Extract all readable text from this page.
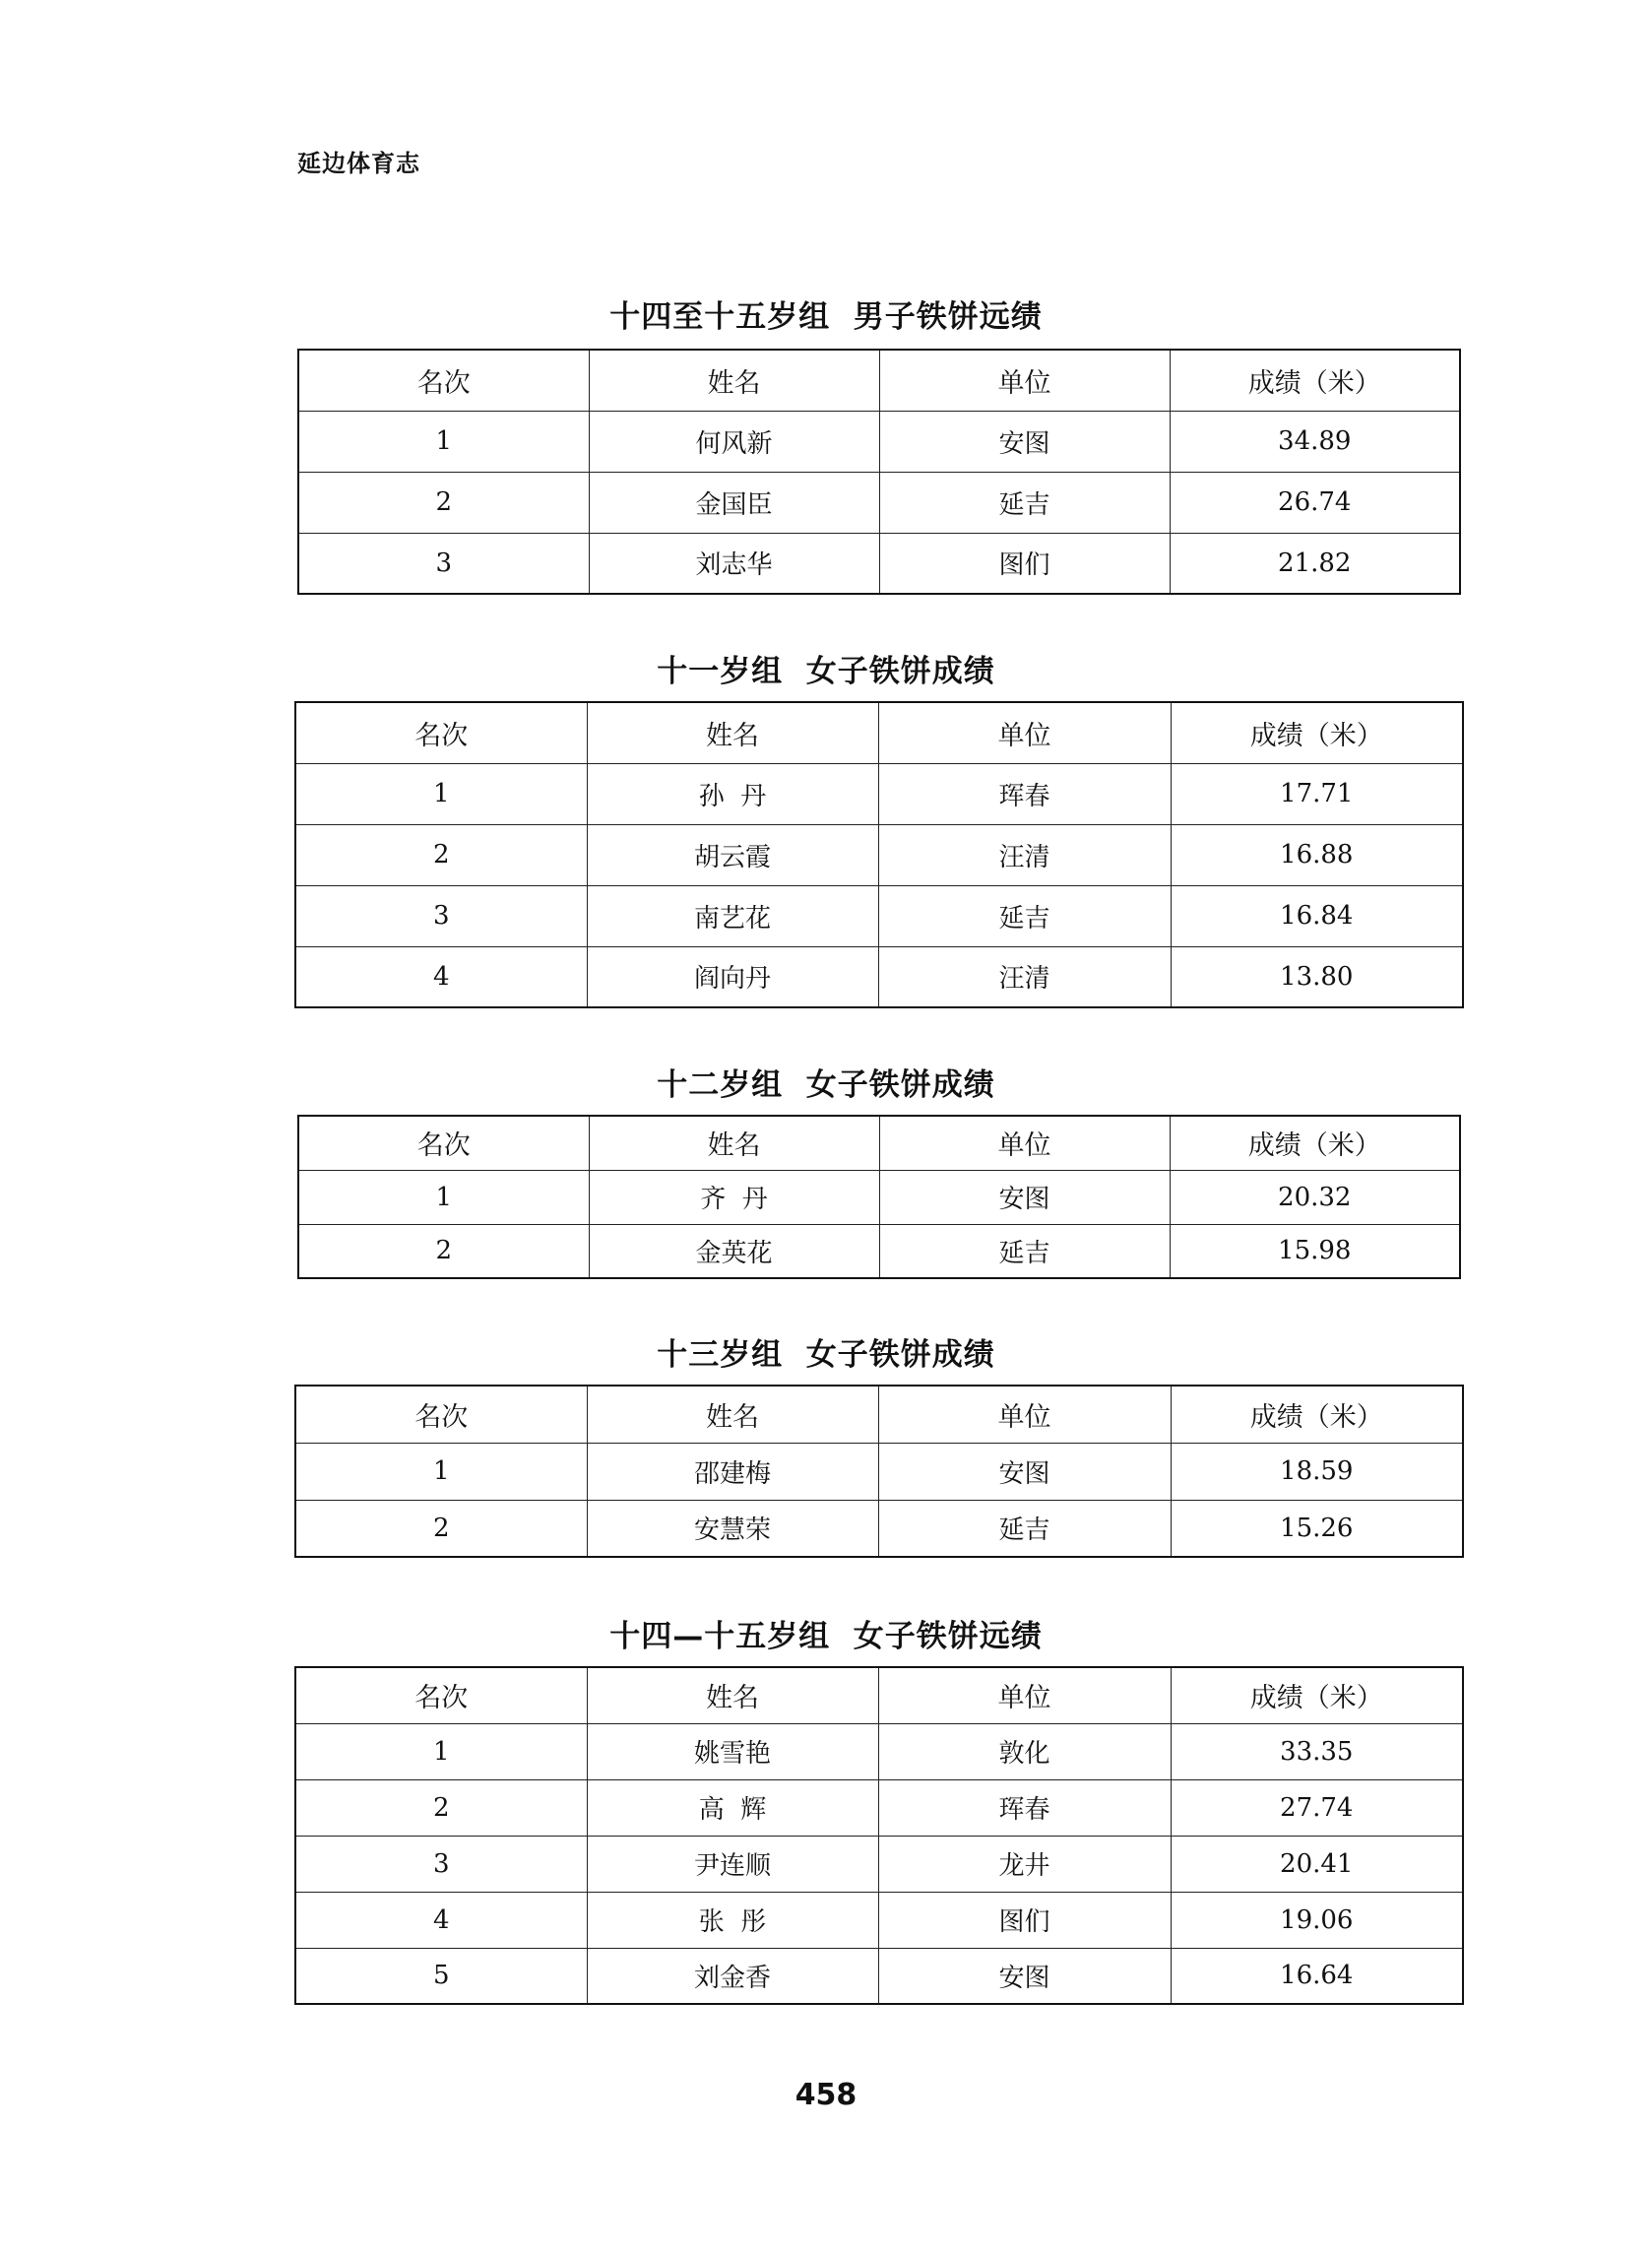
延边体育志
十四至十五岁组  男子铁饼远绩
名次	姓名	单位	成绩（米）
1	何风新	安图	34.89
2	金国臣	延吉	26.74
3	刘志华	图们	21.82
十一岁组  女子铁饼成绩
名次	姓名	单位	成绩（米）
1	孙  丹	珲春	17.71
2	胡云霞	汪清	16.88
3	南艺花	延吉	16.84
4	阎向丹	汪清	13.80
十二岁组  女子铁饼成绩
名次	姓名	单位	成绩（米）
1	齐  丹	安图	20.32
2	金英花	延吉	15.98
十三岁组  女子铁饼成绩
名次	姓名	单位	成绩（米）
1	邵建梅	安图	18.59
2	安慧荣	延吉	15.26
十四—十五岁组  女子铁饼远绩
名次	姓名	单位	成绩（米）
1	姚雪艳	敦化	33.35
2	高  辉	珲春	27.74
3	尹连顺	龙井	20.41
4	张  彤	图们	19.06
5	刘金香	安图	16.64
458
